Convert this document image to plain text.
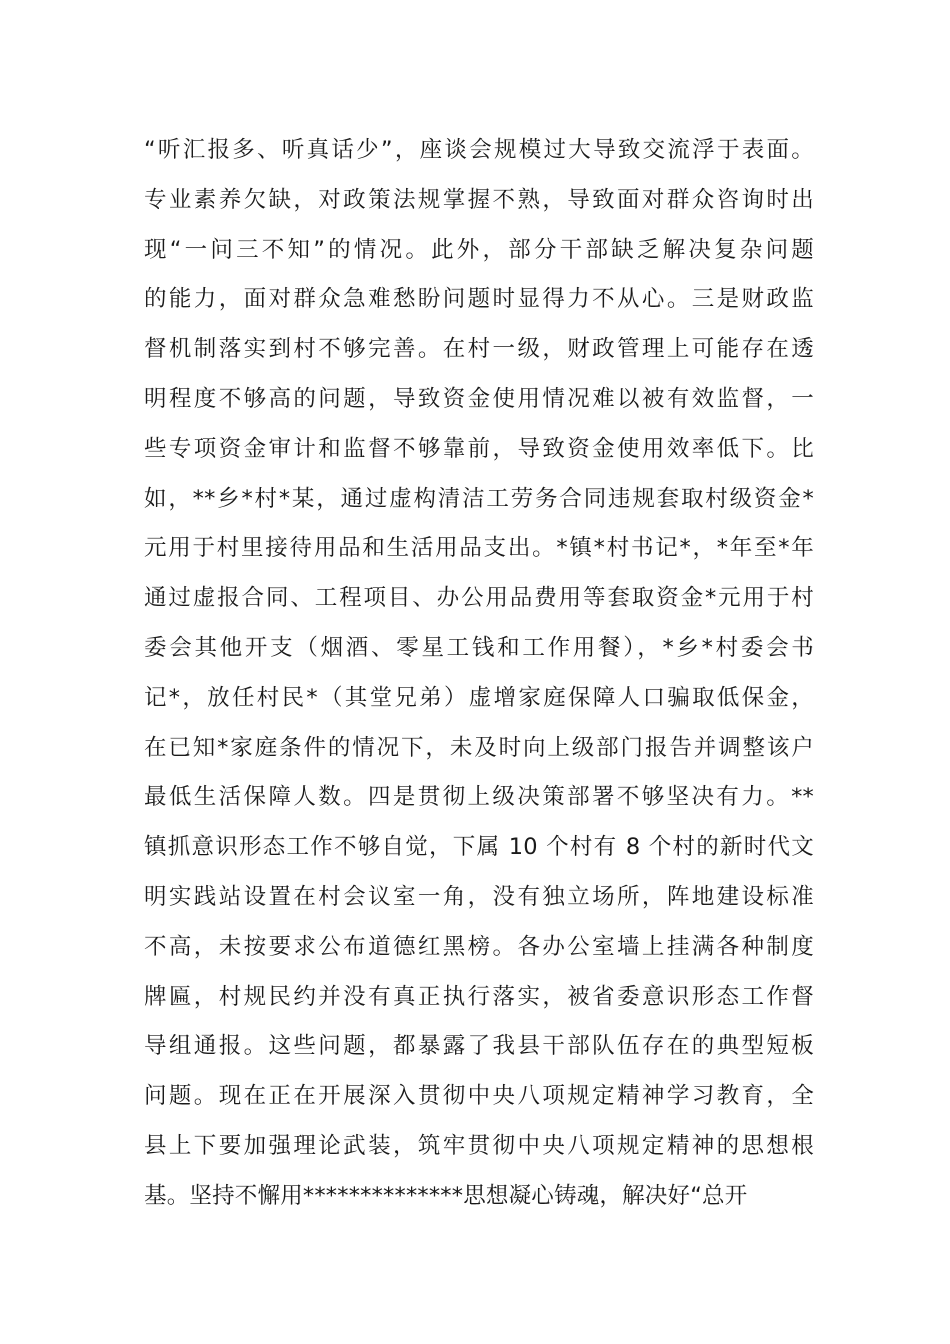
“听汇报多、听真话少”，座谈会规模过大导致交流浮于表面。
专业素养欠缺，对政策法规掌握不熟，导致面对群众咨询时出
现“一问三不知”的情况。此外，部分干部缺乏解决复杂问题
的能力，面对群众急难愁盼问题时显得力不从心。三是财政监
督机制落实到村不够完善。在村一级，财政管理上可能存在透
明程度不够高的问题，导致资金使用情况难以被有效监督，一
些专项资金审计和监督不够靠前，导致资金使用效率低下。比
如，**乡*村*某，通过虚构清洁工劳务合同违规套取村级资金*
元用于村里接待用品和生活用品支出。*镇*村书记*，*年至*年
通过虚报合同、工程项目、办公用品费用等套取资金*元用于村
委会其他开支（烟酒、零星工钱和工作用餐），*乡*村委会书
记*，放任村民*（其堂兄弟）虚增家庭保障人口骗取低保金，
在已知*家庭条件的情况下，未及时向上级部门报告并调整该户
最低生活保障人数。四是贯彻上级决策部署不够坚决有力。**
镇抓意识形态工作不够自觉，下属 10 个村有 8 个村的新时代文
明实践站设置在村会议室一角，没有独立场所，阵地建设标准
不高，未按要求公布道德红黑榜。各办公室墙上挂满各种制度
牌匾，村规民约并没有真正执行落实，被省委意识形态工作督
导组通报。这些问题，都暴露了我县干部队伍存在的典型短板
问题。现在正在开展深入贯彻中央八项规定精神学习教育，全
县上下要加强理论武装，筑牢贯彻中央八项规定精神的思想根
基。坚持不懈用**************思想凝心铸魂，解决好“总开
